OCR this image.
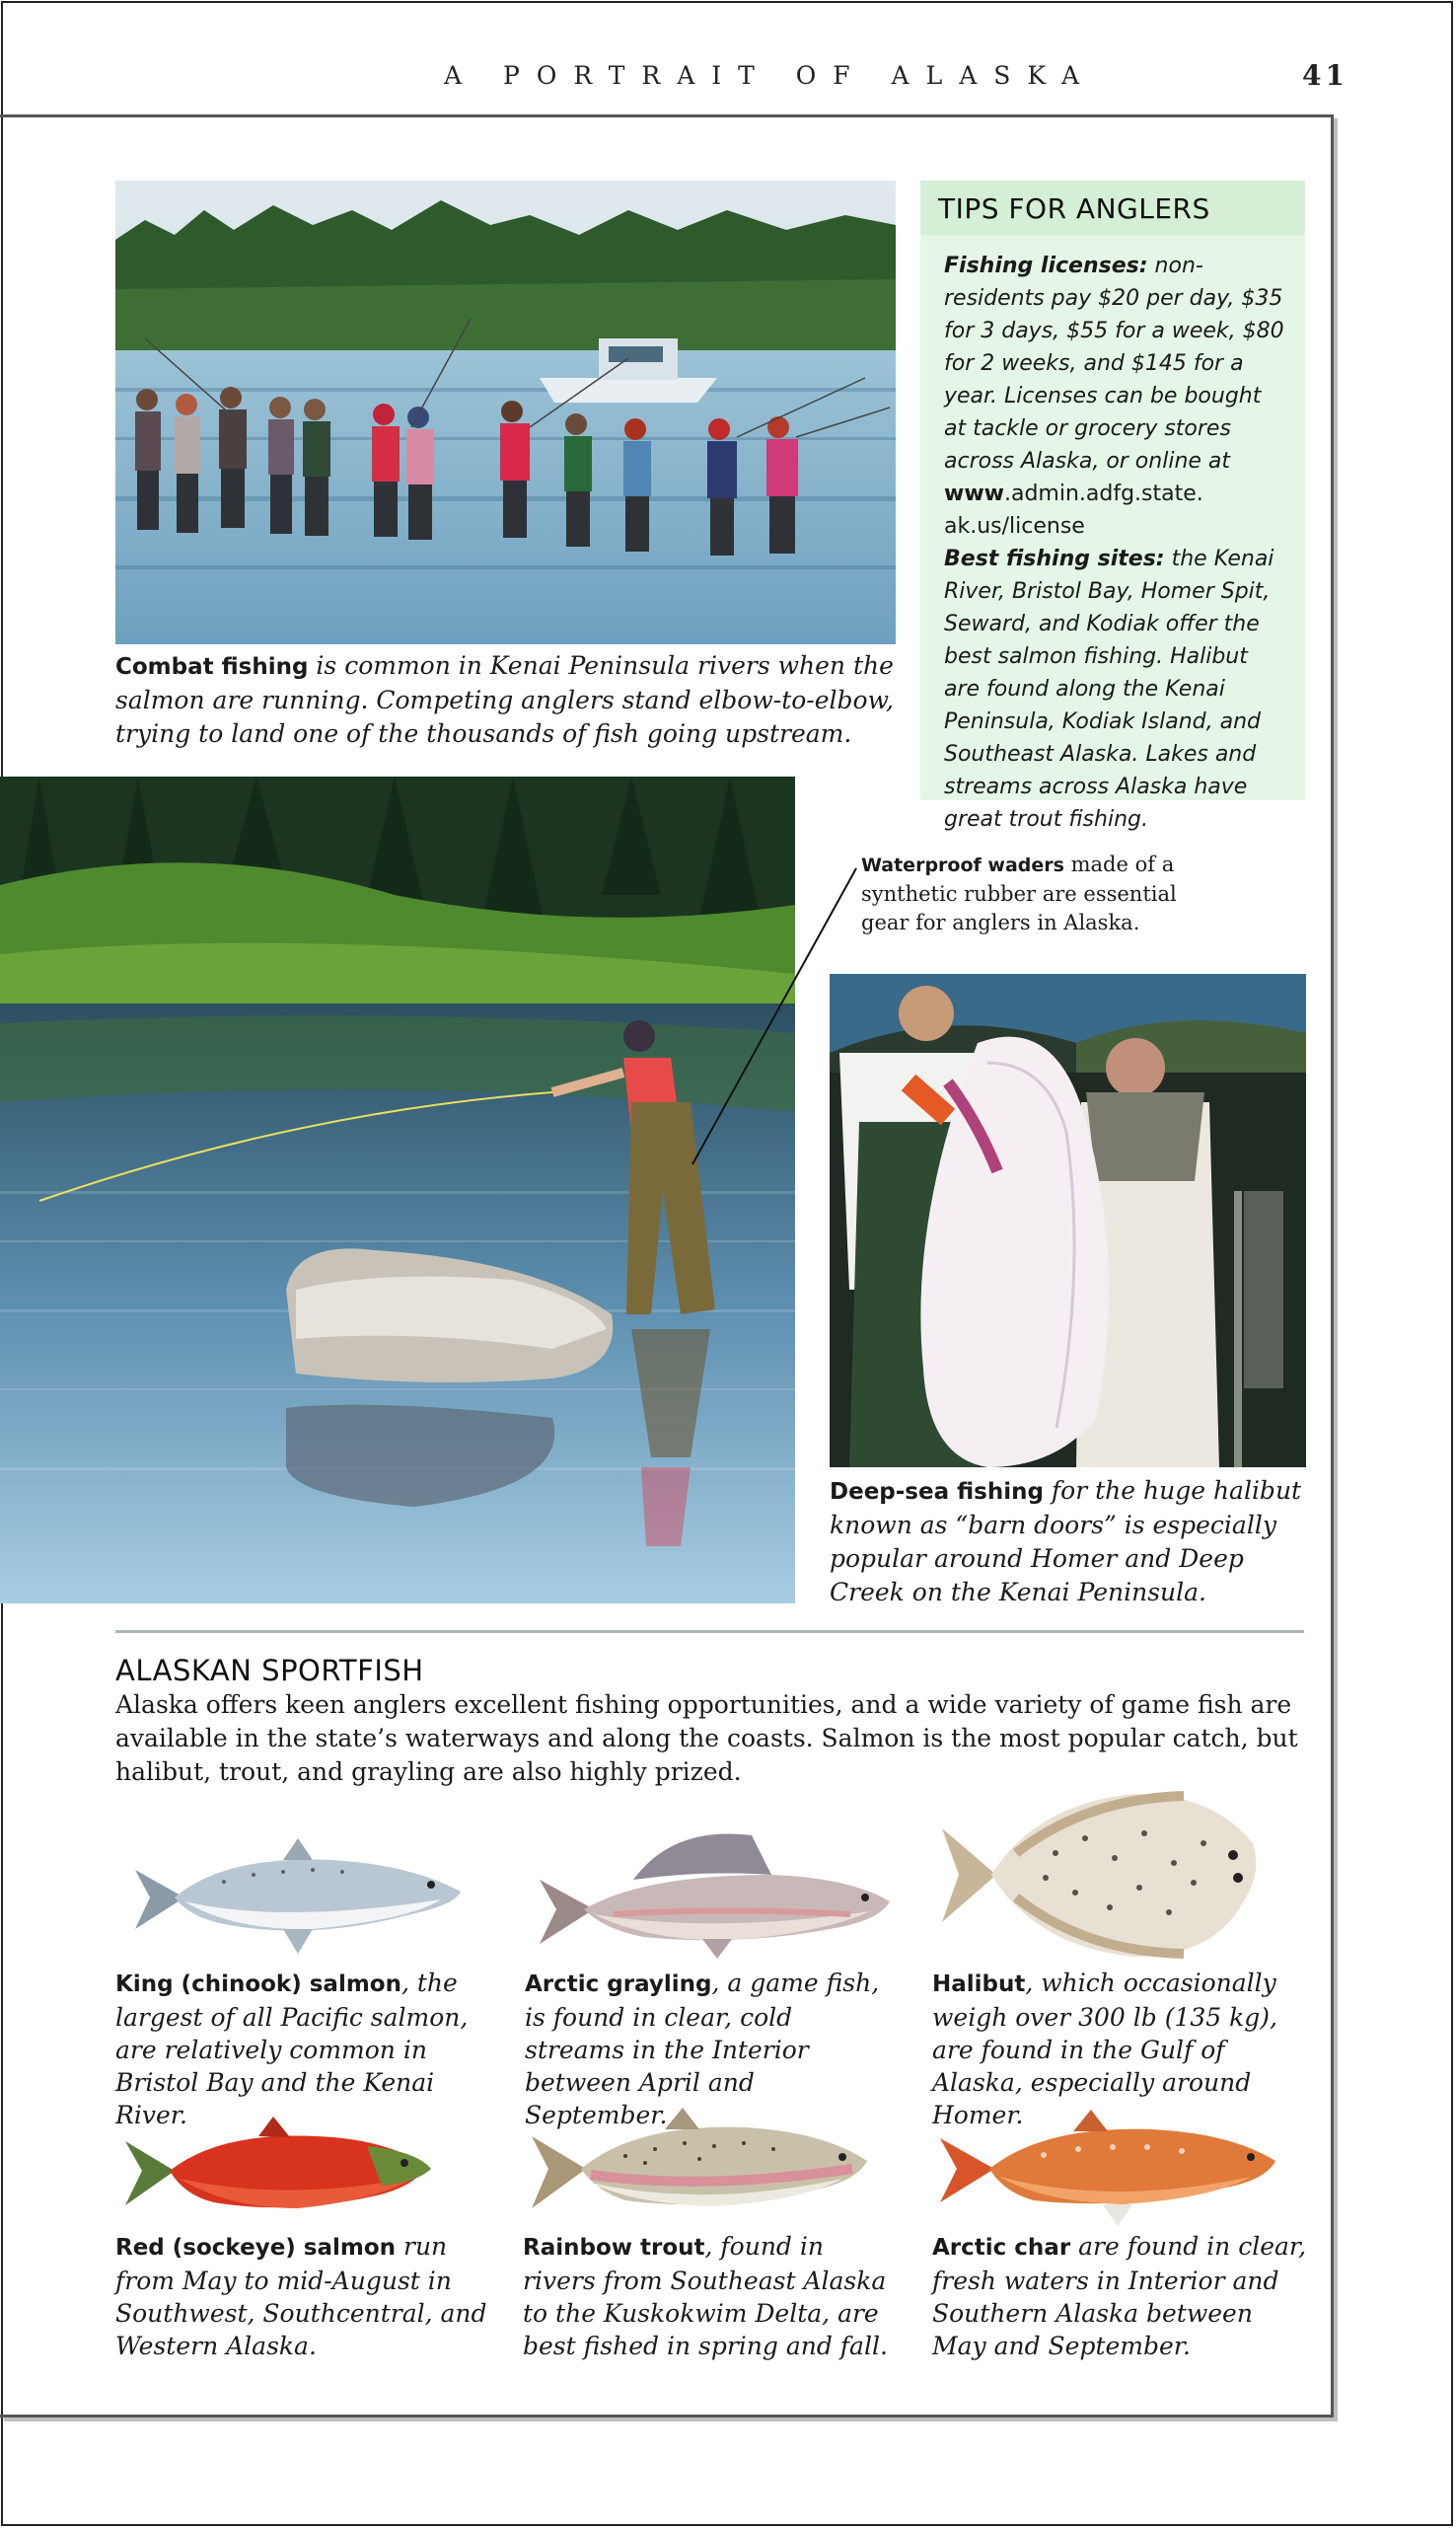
A PORTRAIT OF ALASKA	41
Combat fishing is common in Kenai Peninsula rivers when the salmon are running. Competing anglers stand elbow-to-elbow, trying to land one of the thousands of fish going upstream.
TIPS FOR ANGLERS
Fishing licenses: non-residents pay $20 per day, $35 for 3 days, $55 for a week, $80 for 2 weeks, and $145 for a year. Licenses can be bought at tackle or grocery stores across Alaska, or online at www.admin.adfg.state.
ak.us/license
Best fishing sites: the Kenai River, Bristol Bay, Homer Spit, Seward, and Kodiak offer the best salmon fishing. Halibut are found along the Kenai Peninsula, Kodiak Island, and Southeast Alaska. Lakes and streams across Alaska have great trout fishing.
Waterproof waders made of a synthetic rubber are essential gear for anglers in Alaska.
Deep-sea fishing for the huge halibut known as “barn doors” is especially popular around Homer and Deep Creek on the Kenai Peninsula.
ALASKAN SPORTFISH
Alaska offers keen anglers excellent fishing opportunities, and a wide variety of game fish are available in the state’s waterways and along the coasts. Salmon is the most popular catch, but halibut, trout, and grayling are also highly prized.
King (chinook) salmon, the largest of all Pacific salmon, are relatively common in Bristol Bay and the Kenai River.
Arctic grayling, a game fish, is found in clear, cold streams in the Interior between April and September.
Halibut, which occasionally weigh over 300 lb (135 kg), are found in the Gulf of Alaska, especially around Homer.
Red (sockeye) salmon run from May to mid-August in Southwest, Southcentral, and Western Alaska.
Rainbow trout, found in rivers from Southeast Alaska to the Kuskokwim Delta, are best fished in spring and fall.
Arctic char are found in clear, fresh waters in Interior and Southern Alaska between May and September.
